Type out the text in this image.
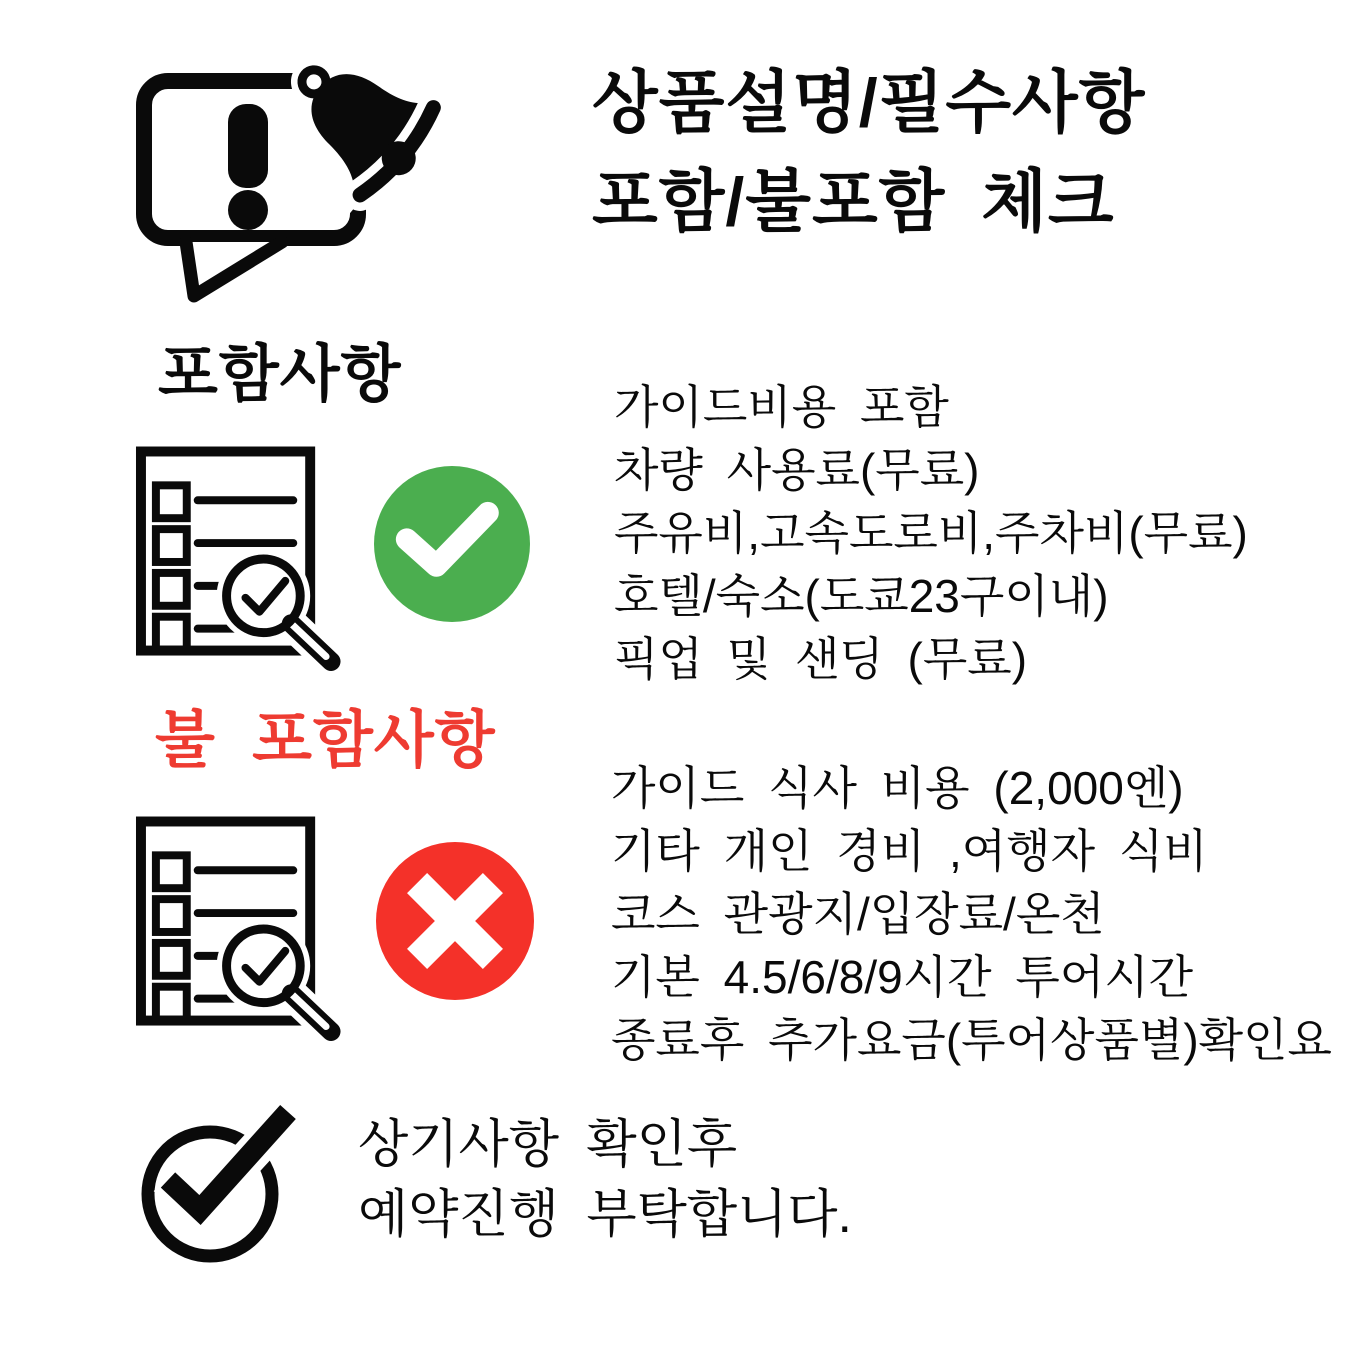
상품설명/필수사항
포함/불포함 체크
포함사항	가이드비용 포함
차량 사용료(무료)
주유비,고속도로비,주차비(무료)
호텔/숙소(도쿄23구이내)
픽업 및 샌딩 (무료)
불 포함사항
가이드 식사 비용 (2,000엔)
기타 개인 경비 ,여행자 식비
코스 관광지/입장료/온천
기본 4.5/6/8/9시간 투어시간
종료후 추가요금(투어상품별)확인요
상기사항 확인후
예약진행 부탁합니다.
